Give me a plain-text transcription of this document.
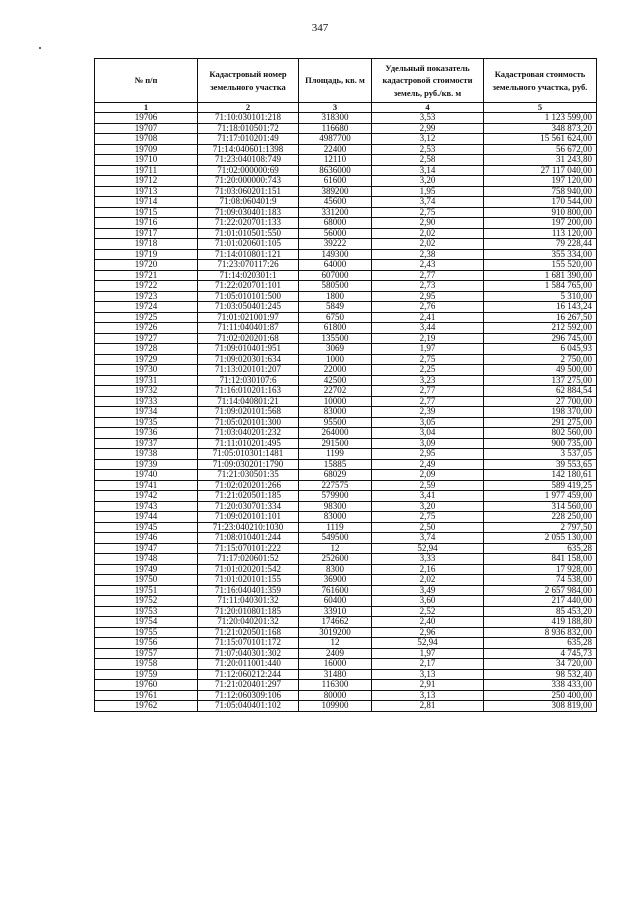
347
№ п/п	Кадастровый номер земельного участка	Площадь, кв. м	Удельный показатель кадастровой стоимости земель, руб./кв. м	Кадастровая стоимость земельного участка, руб.
1	2	3	4	5
19706	71:10:030101:218	318300	3,53	1 123 599,00
19707	71:18:010501:72	116680	2,99	348 873,20
19708	71:17:010201:49	4987700	3,12	15 561 624,00
19709	71:14:040601:1398	22400	2,53	56 672,00
19710	71:23:040108:749	12110	2,58	31 243,80
19711	71:02:000000:69	8636000	3,14	27 117 040,00
19712	71:20:000000:743	61600	3,20	197 120,00
19713	71:03:060201:151	389200	1,95	758 940,00
19714	71:08:060401:9	45600	3,74	170 544,00
19715	71:09:030401:183	331200	2,75	910 800,00
19716	71:22:020701:133	68000	2,90	197 200,00
19717	71:01:010501:550	56000	2,02	113 120,00
19718	71:01:020601:105	39222	2,02	79 228,44
19719	71:14:010801:121	149300	2,38	355 334,00
19720	71:23:070117:26	64000	2,43	155 520,00
19721	71:14:020301:1	607000	2,77	1 681 390,00
19722	71:22:020701:101	580500	2,73	1 584 765,00
19723	71:05:010101:500	1800	2,95	5 310,00
19724	71:03:050401:245	5849	2,76	16 143,24
19725	71:01:021001:97	6750	2,41	16 267,50
19726	71:11:040401:87	61800	3,44	212 592,00
19727	71:02:020201:68	135500	2,19	296 745,00
19728	71:09:010401:951	3069	1,97	6 045,93
19729	71:09:020301:634	1000	2,75	2 750,00
19730	71:13:020101:207	22000	2,25	49 500,00
19731	71:12:030107:6	42500	3,23	137 275,00
19732	71:16:010201:163	22702	2,77	62 884,54
19733	71:14:040801:21	10000	2,77	27 700,00
19734	71:09:020101:568	83000	2,39	198 370,00
19735	71:05:020101:300	95500	3,05	291 275,00
19736	71:03:040201:232	264000	3,04	802 560,00
19737	71:11:010201:495	291500	3,09	900 735,00
19738	71:05:010301:1481	1199	2,95	3 537,05
19739	71:09:030201:1790	15885	2,49	39 553,65
19740	71:21:030501:35	68029	2,09	142 180,61
19741	71:02:020201:266	227575	2,59	589 419,25
19742	71:21:020501:185	579900	3,41	1 977 459,00
19743	71:20:030701:334	98300	3,20	314 560,00
19744	71:09:020101:101	83000	2,75	228 250,00
19745	71:23:040210:1030	1119	2,50	2 797,50
19746	71:08:010401:244	549500	3,74	2 055 130,00
19747	71:15:070101:222	12	52,94	635,28
19748	71:17:020601:52	252600	3,33	841 158,00
19749	71:01:020201:542	8300	2,16	17 928,00
19750	71:01:020101:155	36900	2,02	74 538,00
19751	71:16:040401:359	761600	3,49	2 657 984,00
19752	71:11:040301:32	60400	3,60	217 440,00
19753	71:20:010801:185	33910	2,52	85 453,20
19754	71:20:040201:32	174662	2,40	419 188,80
19755	71:21:020501:168	3019200	2,96	8 936 832,00
19756	71:15:070101:172	12	52,94	635,28
19757	71:07:040301:302	2409	1,97	4 745,73
19758	71:20:011001:440	16000	2,17	34 720,00
19759	71:12:060212:244	31480	3,13	98 532,40
19760	71:21:020401:297	116300	2,91	338 433,00
19761	71:12:060309:106	80000	3,13	250 400,00
19762	71:05:040401:102	109900	2,81	308 819,00
